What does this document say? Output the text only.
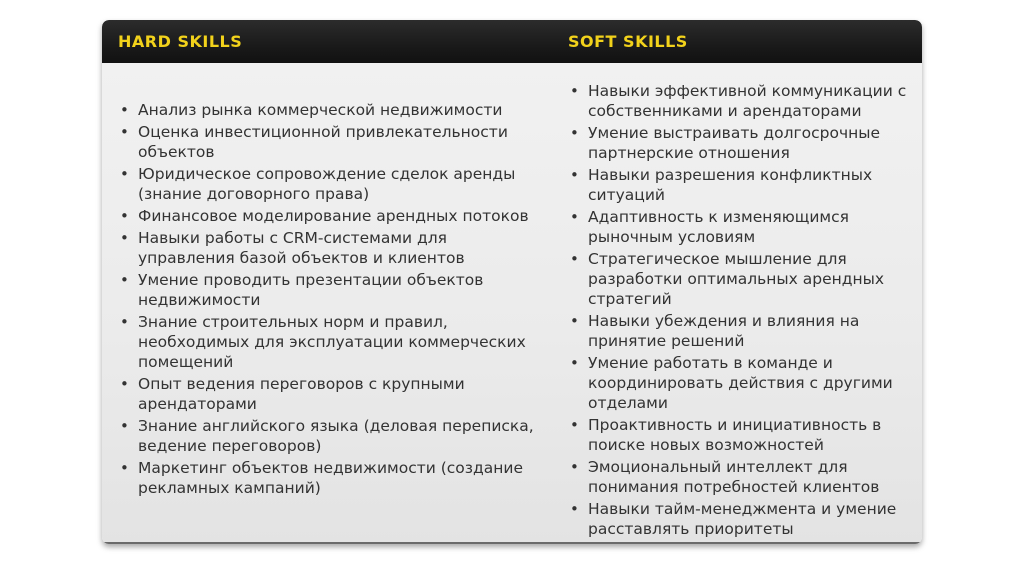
HARD SKILLS	SOFT SKILLS
• Анализ рынка коммерческой недвижимости
• Оценка инвестиционной привлекательности объектов
• Юридическое сопровождение сделок аренды (знание договорного права)
• Финансовое моделирование арендных потоков
• Навыки работы с CRM-системами для управления базой объектов и клиентов
• Умение проводить презентации объектов недвижимости
• Знание строительных норм и правил, необходимых для эксплуатации коммерческих помещений
• Опыт ведения переговоров с крупными арендаторами
• Знание английского языка (деловая переписка, ведение переговоров)
• Маркетинг объектов недвижимости (создание рекламных кампаний)
• Навыки эффективной коммуникации с собственниками и арендаторами
• Умение выстраивать долгосрочные партнерские отношения
• Навыки разрешения конфликтных ситуаций
• Адаптивность к изменяющимся рыночным условиям
• Стратегическое мышление для разработки оптимальных арендных стратегий
• Навыки убеждения и влияния на принятие решений
• Умение работать в команде и координировать действия с другими отделами
• Проактивность и инициативность в поиске новых возможностей
• Эмоциональный интеллект для понимания потребностей клиентов
• Навыки тайм-менеджмента и умение расставлять приоритеты
